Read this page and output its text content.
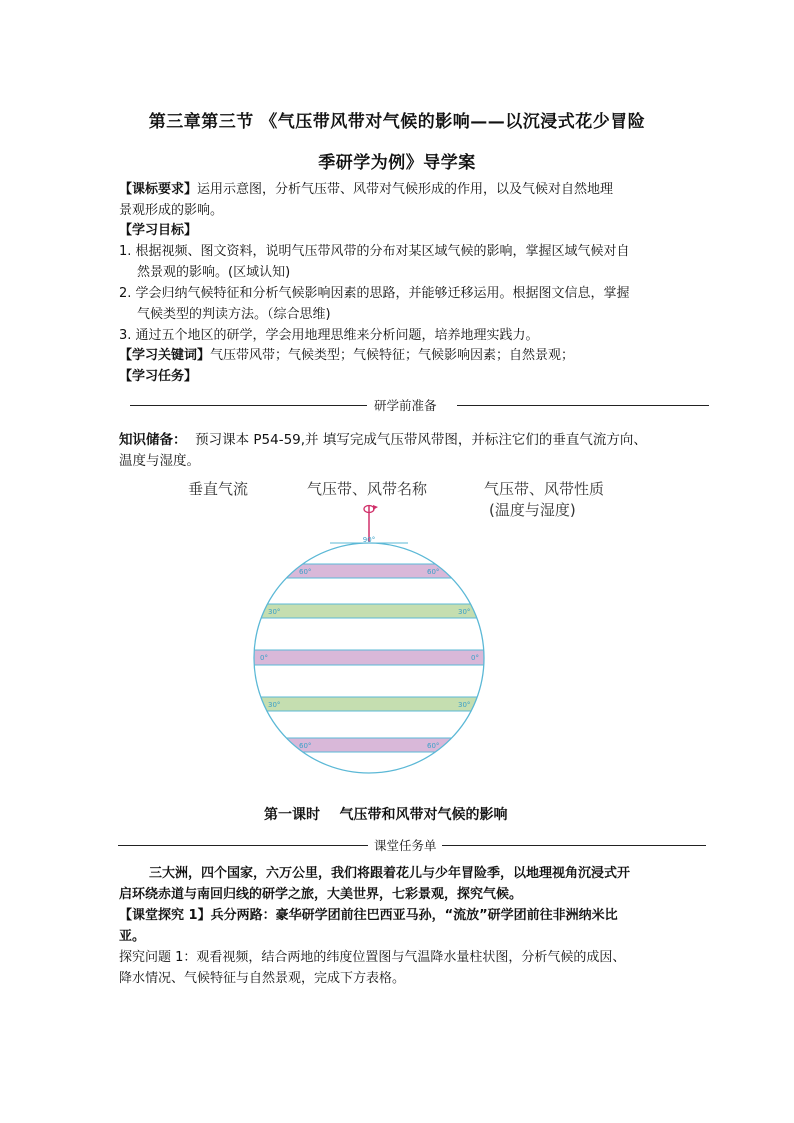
第三章第三节 《气压带风带对气候的影响——以沉浸式花少冒险
季研学为例》导学案
【课标要求】运用示意图，分析气压带、风带对气候形成的作用，以及气候对自然地理
景观形成的影响。
【学习目标】
1. 根据视频、图文资料，说明气压带风带的分布对某区域气候的影响，掌握区域气候对自
然景观的影响。(区域认知)
2. 学会归纳气候特征和分析气候影响因素的思路，并能够迁移运用。根据图文信息，掌握
气候类型的判读方法。（综合思维)
3. 通过五个地区的研学，学会用地理思维来分析问题，培养地理实践力。
【学习关键词】气压带风带；气候类型；气候特征；气候影响因素；自然景观；
【学习任务】
研学前准备
知识储备： 预习课本 P54-59,并 填写完成气压带风带图，并标注它们的垂直气流方向、
温度与湿度。
垂直气流	气压带、风带名称	气压带、风带性质
(温度与湿度)
90°
60°	60°
30°	30°
0°	0°
30°	30°
60°	60°
第一课时    气压带和风带对气候的影响
课堂任务单
三大洲，四个国家，六万公里，我们将跟着花儿与少年冒险季，以地理视角沉浸式开
启环绕赤道与南回归线的研学之旅，大美世界，七彩景观，探究气候。
【课堂探究 1】兵分两路：豪华研学团前往巴西亚马孙，“流放”研学团前往非洲纳米比
亚。
探究问题 1：观看视频，结合两地的纬度位置图与气温降水量柱状图，分析气候的成因、
降水情况、气候特征与自然景观，完成下方表格。
